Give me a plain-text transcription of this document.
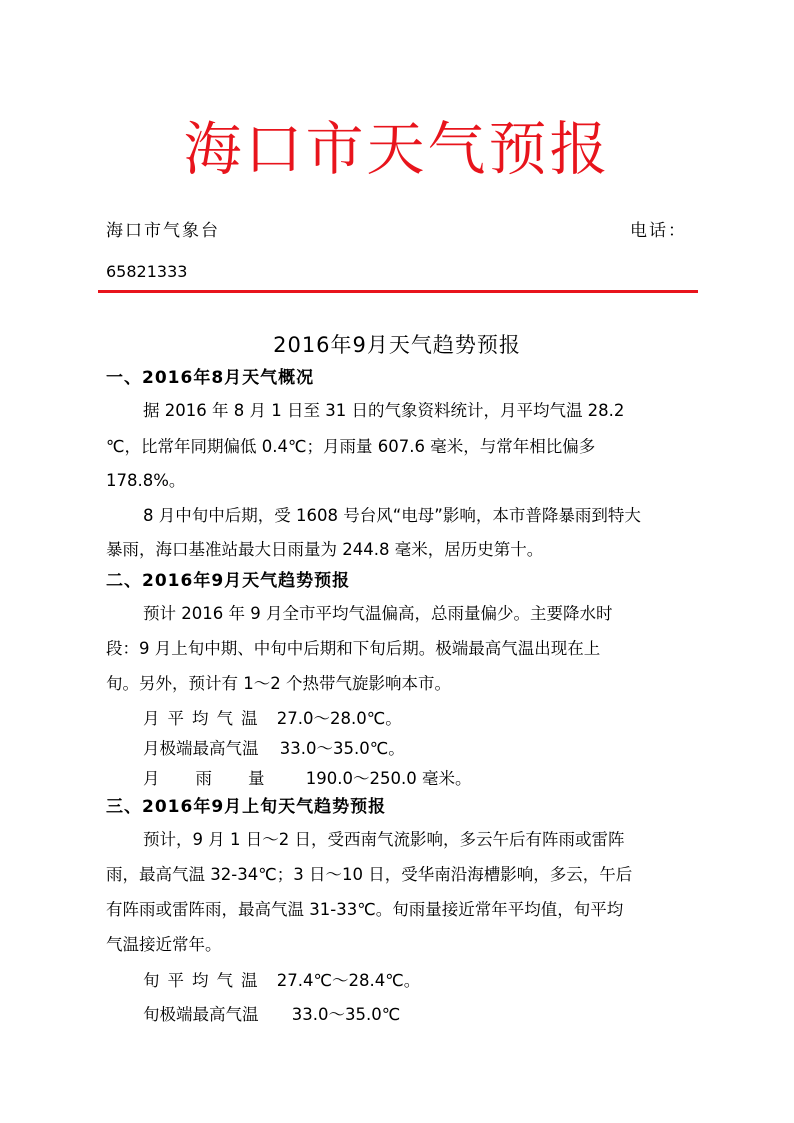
海口市天气预报
海口市气象台	电话：
65821333
2016年9月天气趋势预报
一、2016年8月天气概况
据 2016 年 8 月 1 日至 31 日的气象资料统计，月平均气温 28.2
℃，比常年同期偏低 0.4℃；月雨量 607.6 毫米，与常年相比偏多
178.8%。
8 月中旬中后期，受 1608 号台风“电母”影响，本市普降暴雨到特大
暴雨，海口基准站最大日雨量为 244.8 毫米，居历史第十。
二、2016年9月天气趋势预报
预计 2016 年 9 月全市平均气温偏高，总雨量偏少。主要降水时
段：9 月上旬中期、中旬中后期和下旬后期。极端最高气温出现在上
旬。另外，预计有 1～2 个热带气旋影响本市。
月平均气温 27.0～28.0℃。
月极端最高气温 33.0～35.0℃。
月雨量 190.0～250.0 毫米。
三、2016年9月上旬天气趋势预报
预计，9 月 1 日～2 日，受西南气流影响，多云午后有阵雨或雷阵
雨，最高气温 32-34℃；3 日～10 日，受华南沿海槽影响，多云，午后
有阵雨或雷阵雨，最高气温 31-33℃。旬雨量接近常年平均值，旬平均
气温接近常年。
旬平均气温 27.4℃～28.4℃。
旬极端最高气温 33.0～35.0℃
